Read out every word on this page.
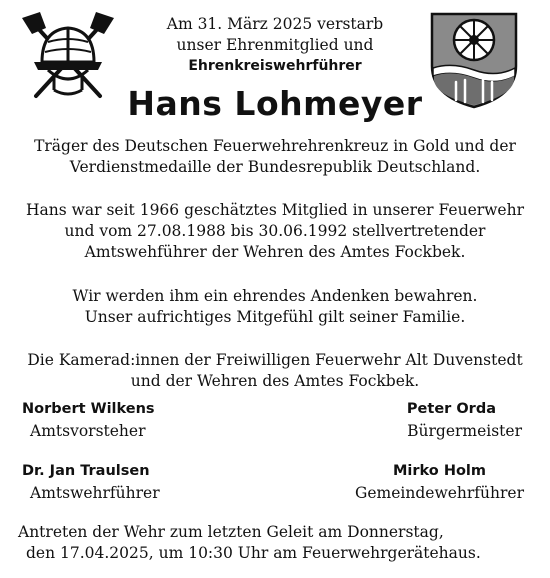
Am 31. März 2025 verstarb
unser Ehrenmitglied und
Ehrenkreiswehrführer
Hans Lohmeyer
Träger des Deutschen Feuerwehrehrenkreuz in Gold und der
Verdienstmedaille der Bundesrepublik Deutschland.
Hans war seit 1966 geschätztes Mitglied in unserer Feuerwehr
und vom 27.08.1988 bis 30.06.1992 stellvertretender
Amtswehführer der Wehren des Amtes Fockbek.
Wir werden ihm ein ehrendes Andenken bewahren.
Unser aufrichtiges Mitgefühl gilt seiner Familie.
Die Kamerad:innen der Freiwilligen Feuerwehr Alt Duvenstedt
und der Wehren des Amtes Fockbek.
Norbert Wilkens
Amtsvorsteher
Peter Orda
Bürgermeister
Dr. Jan Traulsen
Amtswehrführer
Mirko Holm
Gemeindewehrführer
Antreten der Wehr zum letzten Geleit am Donnerstag,
den 17.04.2025, um 10:30 Uhr am Feuerwehrgerätehaus.
